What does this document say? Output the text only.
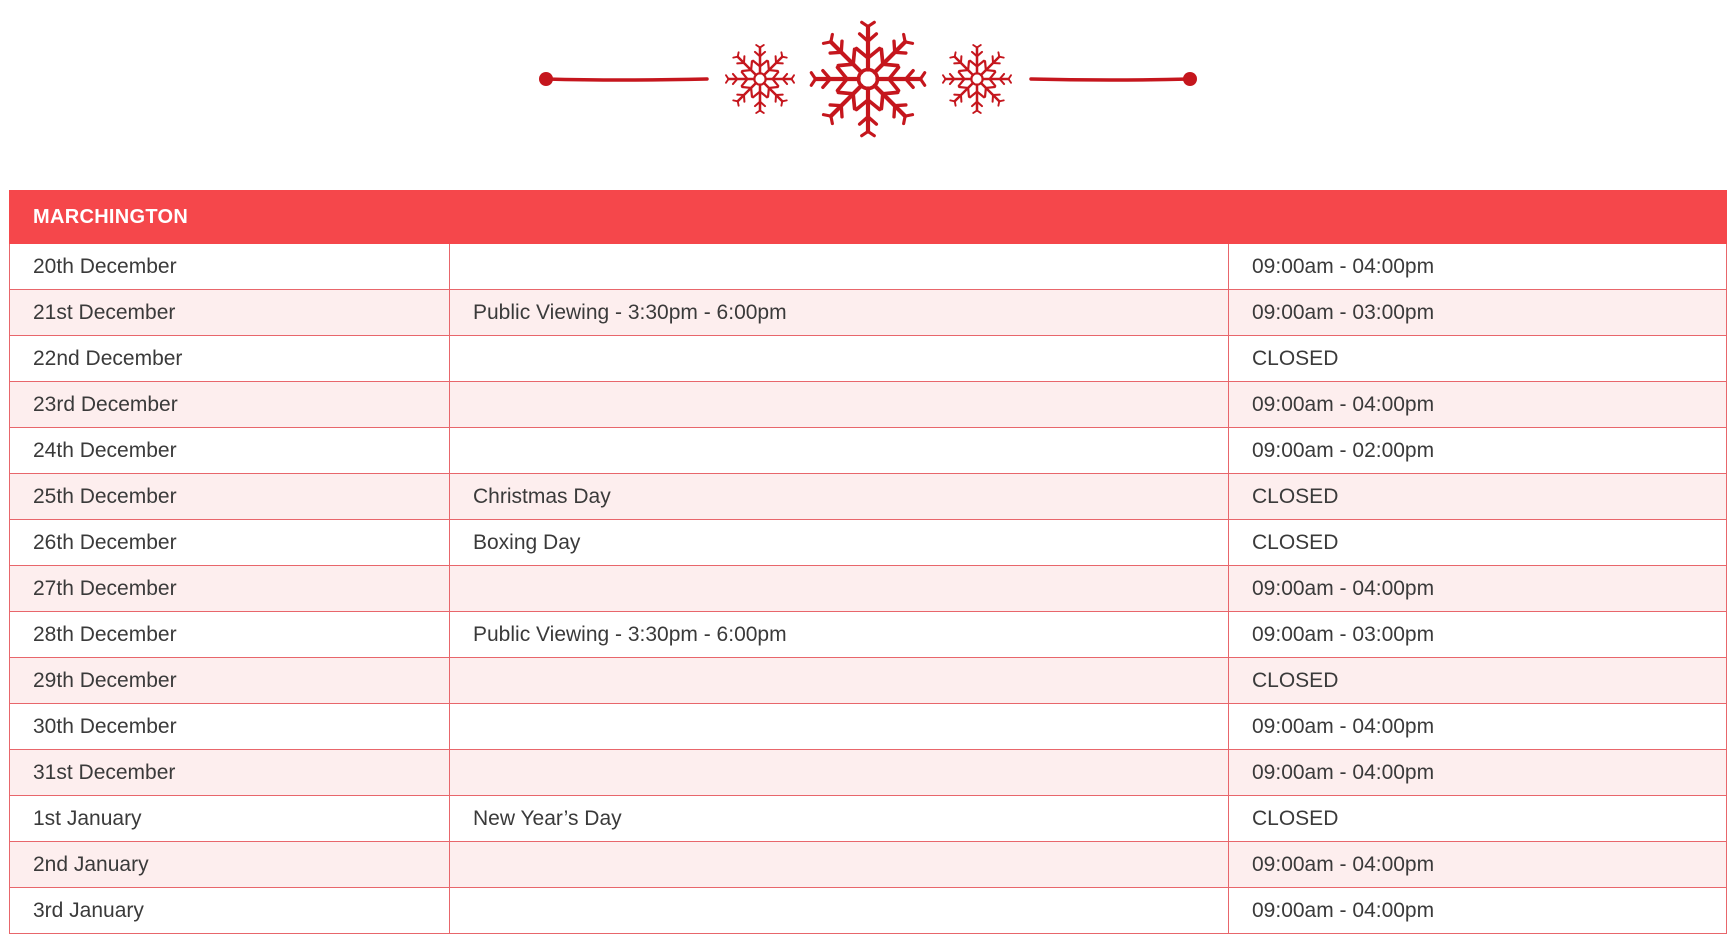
MARCHINGTON		
20th December		09:00am - 04:00pm
21st December	Public Viewing - 3:30pm - 6:00pm	09:00am - 03:00pm
22nd December		CLOSED
23rd December		09:00am - 04:00pm
24th December		09:00am - 02:00pm
25th December	Christmas Day	CLOSED
26th December	Boxing Day	CLOSED
27th December		09:00am - 04:00pm
28th December	Public Viewing - 3:30pm - 6:00pm	09:00am - 03:00pm
29th December		CLOSED
30th December		09:00am - 04:00pm
31st December		09:00am - 04:00pm
1st January	New Year’s Day	CLOSED
2nd January		09:00am - 04:00pm
3rd January		09:00am - 04:00pm
